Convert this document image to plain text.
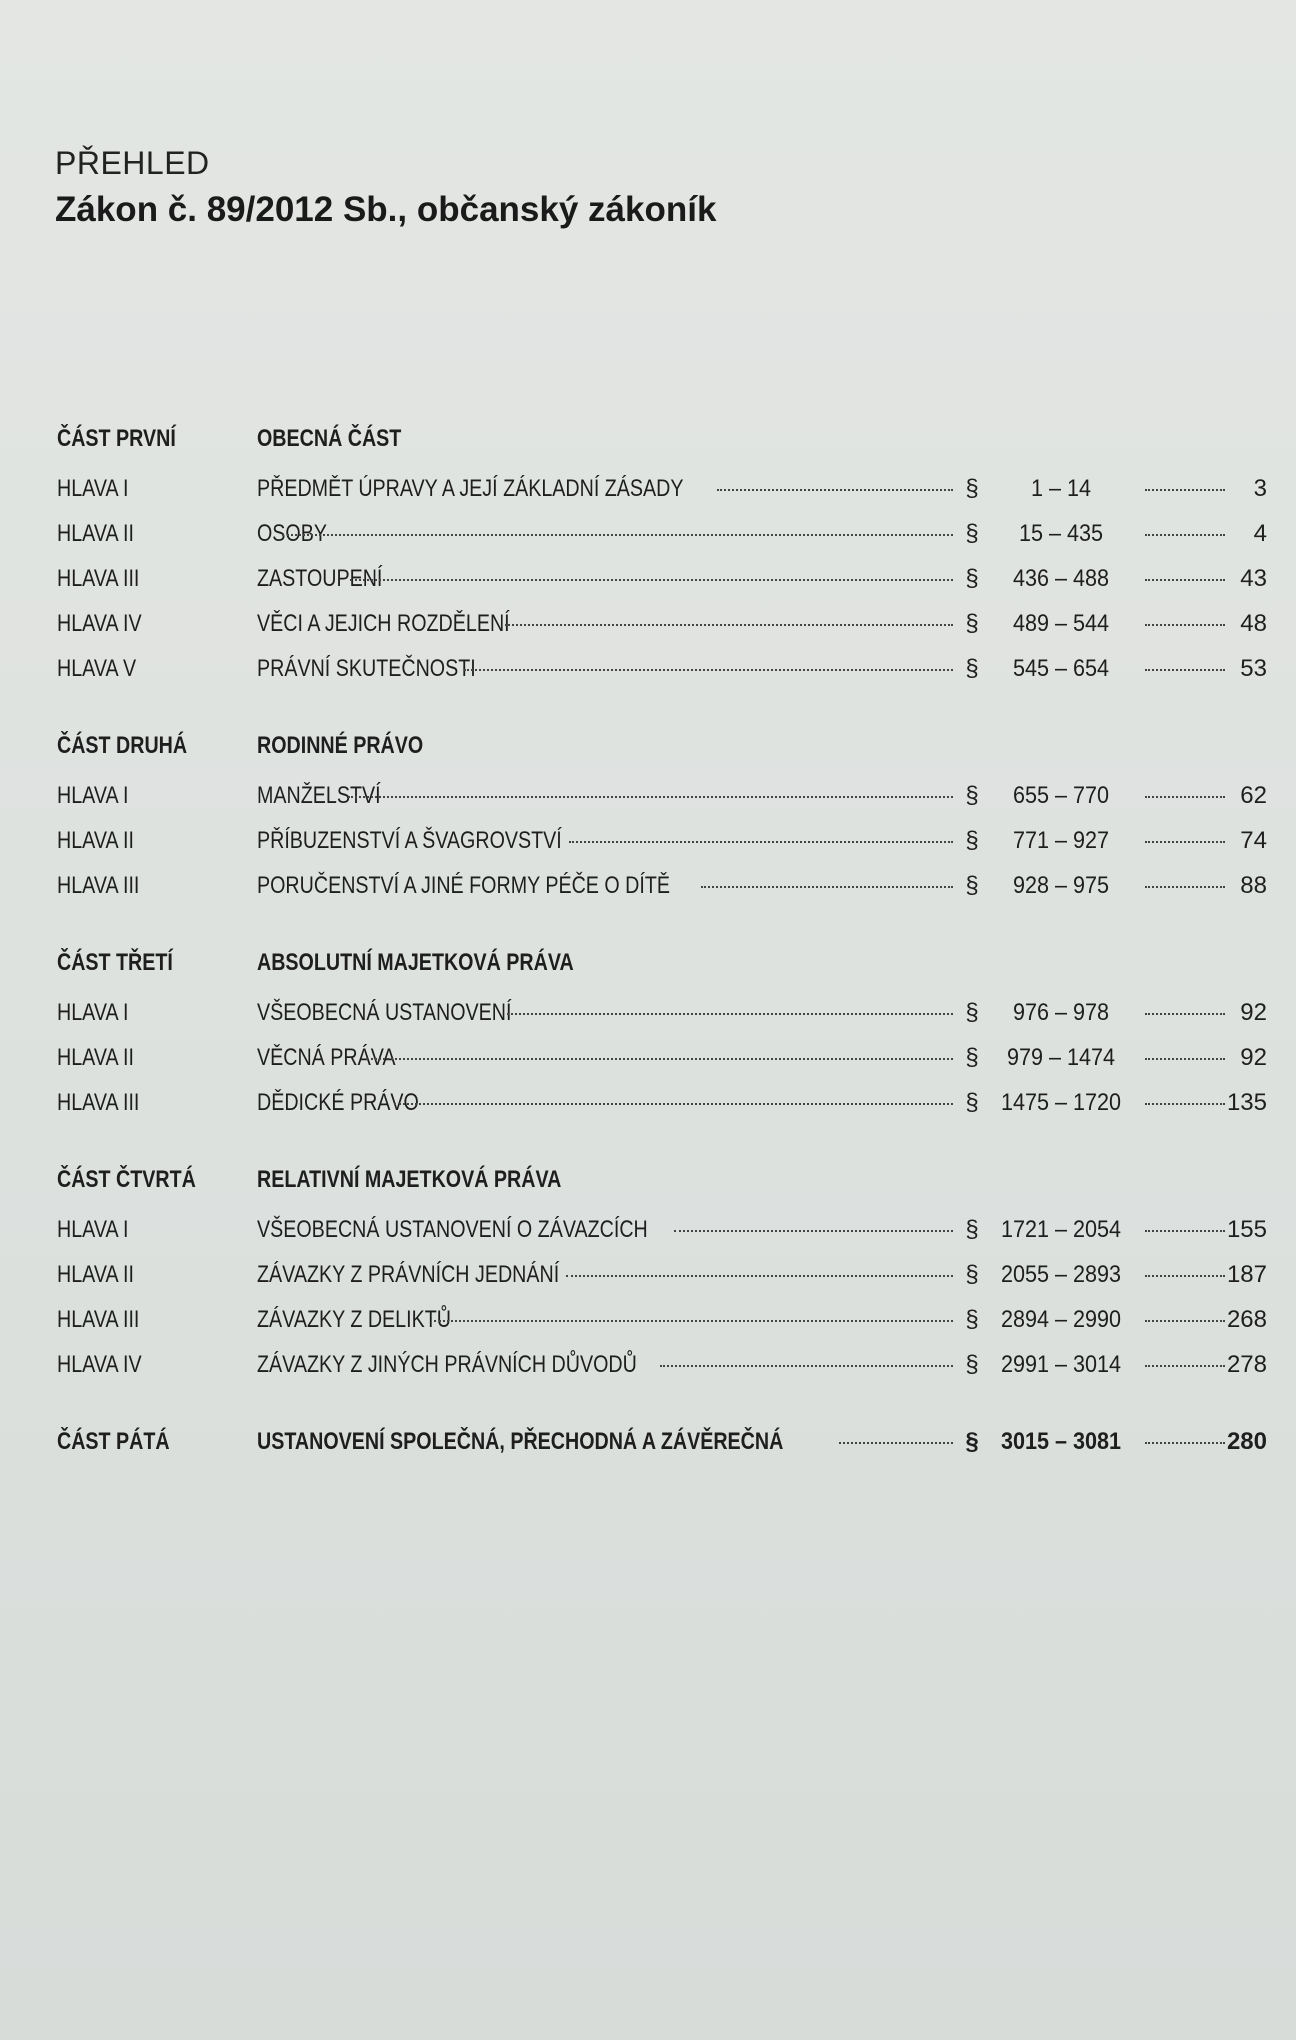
PŘEHLED
Zákon č. 89/2012 Sb., občanský zákoník
ČÁST PRVNÍ	OBECNÁ ČÁST
HLAVA I	PŘEDMĚT ÚPRAVY A JEJÍ ZÁKLADNÍ ZÁSADY	§	1 – 14	3
HLAVA II	OSOBY	§	15 – 435	4
HLAVA III	ZASTOUPENÍ	§	436 – 488	43
HLAVA IV	VĚCI A JEJICH ROZDĚLENÍ	§	489 – 544	48
HLAVA V	PRÁVNÍ SKUTEČNOSTI	§	545 – 654	53
ČÁST DRUHÁ	RODINNÉ PRÁVO
HLAVA I	MANŽELSTVÍ	§	655 – 770	62
HLAVA II	PŘÍBUZENSTVÍ A ŠVAGROVSTVÍ	§	771 – 927	74
HLAVA III	PORUČENSTVÍ A JINÉ FORMY PÉČE O DÍTĚ	§	928 – 975	88
ČÁST TŘETÍ	ABSOLUTNÍ MAJETKOVÁ PRÁVA
HLAVA I	VŠEOBECNÁ USTANOVENÍ	§	976 – 978	92
HLAVA II	VĚCNÁ PRÁVA	§	979 – 1474	92
HLAVA III	DĚDICKÉ PRÁVO	§ 1475 – 1720	135
ČÁST ČTVRTÁ	RELATIVNÍ MAJETKOVÁ PRÁVA
HLAVA I	VŠEOBECNÁ USTANOVENÍ O ZÁVAZCÍCH	§ 1721 – 2054	155
HLAVA II	ZÁVAZKY Z PRÁVNÍCH JEDNÁNÍ	§ 2055 – 2893	187
HLAVA III	ZÁVAZKY Z DELIKTŮ	§ 2894 – 2990	268
HLAVA IV	ZÁVAZKY Z JINÝCH PRÁVNÍCH DŮVODŮ	§ 2991 – 3014	278
ČÁST PÁTÁ	USTANOVENÍ SPOLEČNÁ, PŘECHODNÁ A ZÁVĚREČNÁ	§ 3015 – 3081	280
